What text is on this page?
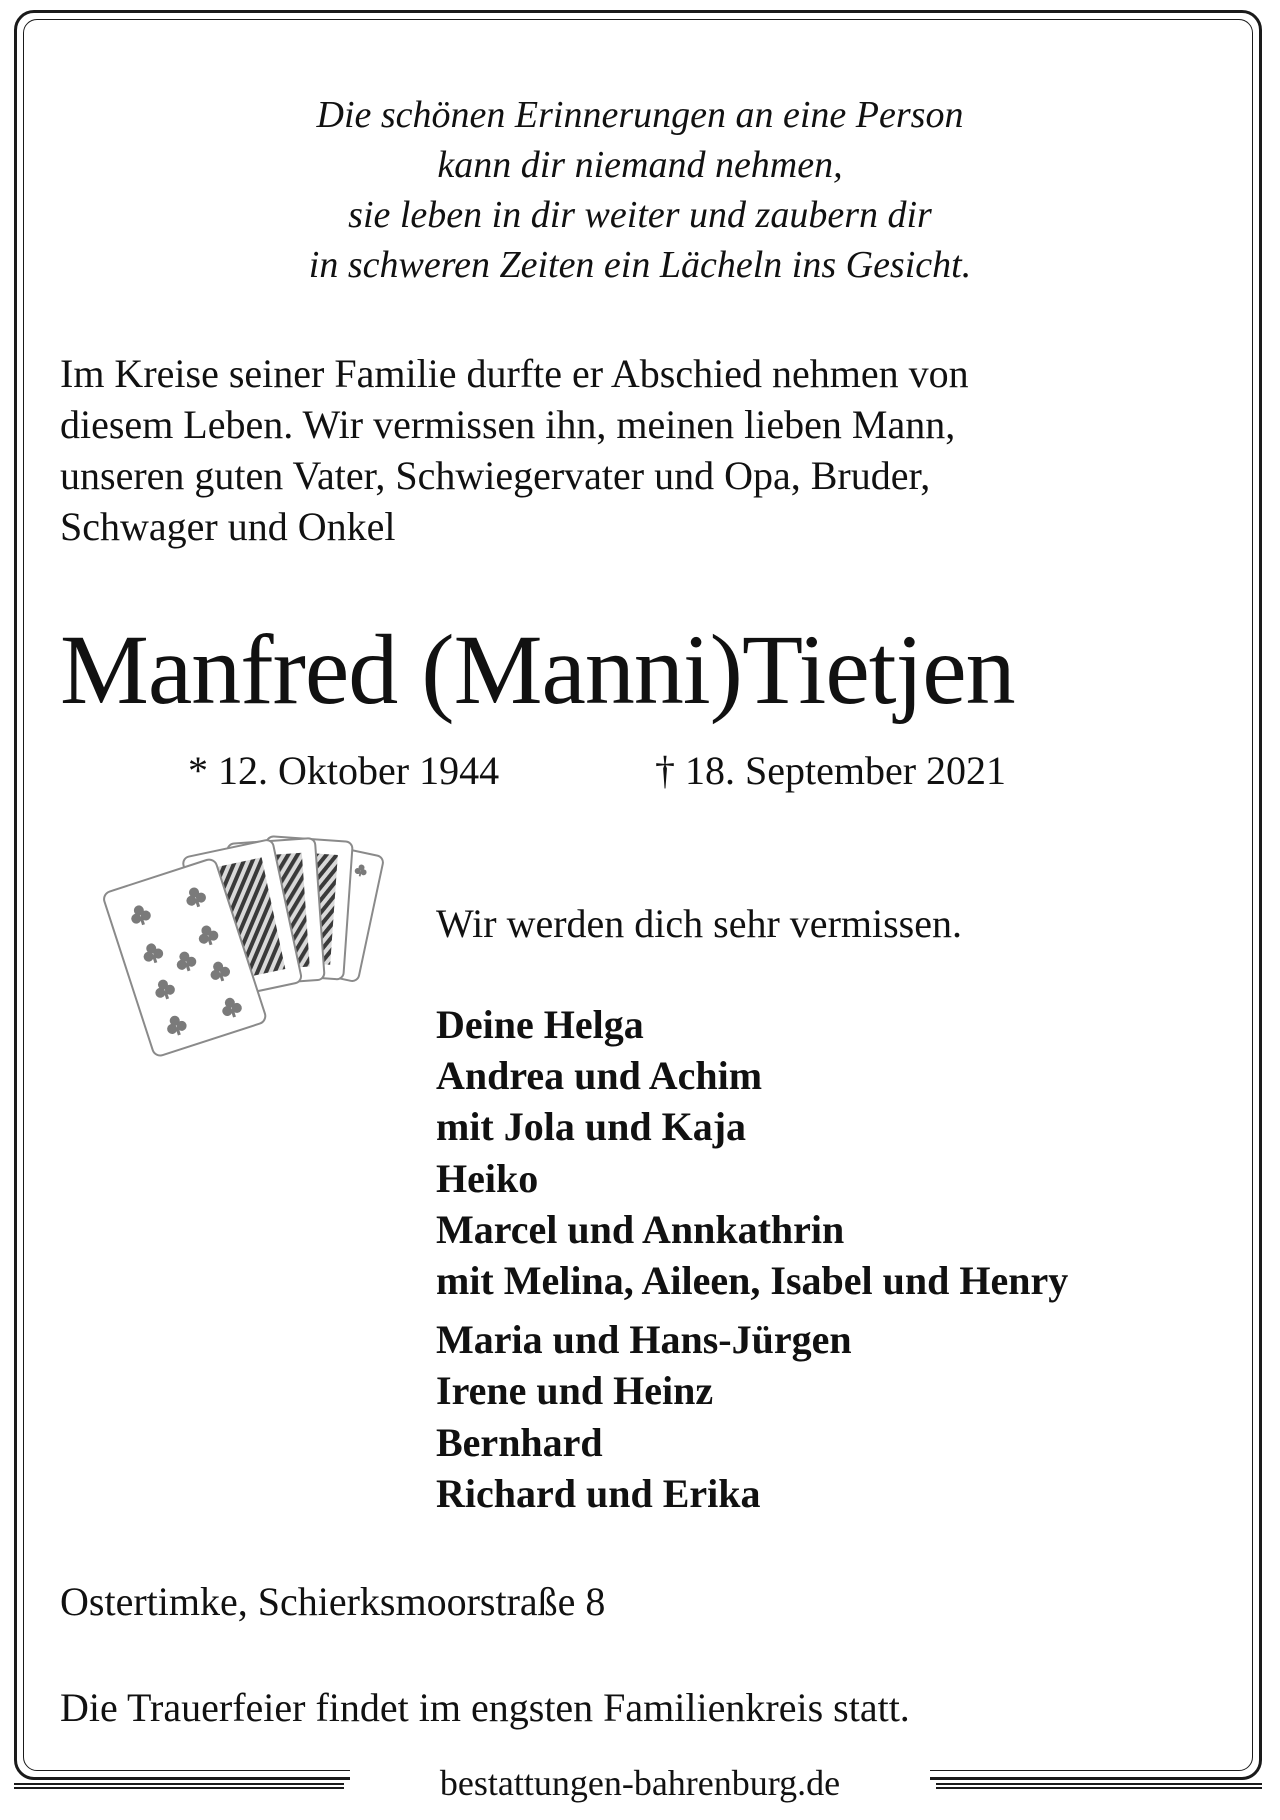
Die schönen Erinnerungen an eine Person
kann dir niemand nehmen,
sie leben in dir weiter und zaubern dir
in schweren Zeiten ein Lächeln ins Gesicht.
Im Kreise seiner Familie durfte er Abschied nehmen von
diesem Leben. Wir vermissen ihn, meinen lieben Mann,
unseren guten Vater, Schwiegervater und Opa, Bruder,
Schwager und Onkel
Manfred (Manni)Tietjen
* 12. Oktober 1944	† 18. September 2021
Wir werden dich sehr vermissen.
Deine Helga
Andrea und Achim
mit Jola und Kaja
Heiko
Marcel und Annkathrin
mit Melina, Aileen, Isabel und Henry
Maria und Hans-Jürgen
Irene und Heinz
Bernhard
Richard und Erika
Ostertimke, Schierksmoorstraße 8
Die Trauerfeier findet im engsten Familienkreis statt.
bestattungen-bahrenburg.de
